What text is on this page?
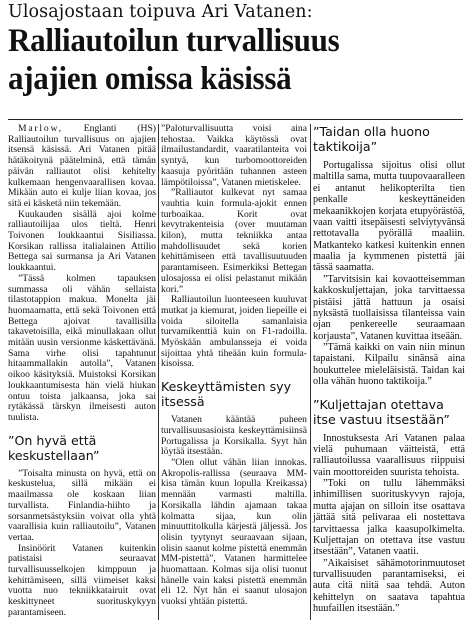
Ulosajostaan toipuva Ari Vatanen:
Ralliautoilun turvallisuus
ajajien omissa käsissä

Marlow, Englanti (HS) Ralliautoilun turvallisuus on ajajien itsensä käsissä. Ari Vatanen pitää hätäkoitynä päätelminä, että tämän päivän ralliautot olisi kehitelty kulkemaan hengenvaarallisen kovaa. Mikään auto ei kulje liian kovaa, jos sitä ei käsketä niin tekemään.

Kuukauden sisällä ajoi kolme ralliautoilijaa ulos tieltä. Henri Toivonen loukkaantui Sisiliassa. Korsikan rallissa italialainen Attilio Bettega sai surmansa ja Ari Vatanen loukkaantui.

”Tässä kolmen tapauksen summassa oli vähän sellaista tilastotappion makua. Monelta jäi huomaamatta, että sekä Toivonen että Bettega ajoivat tavallisilla takavetoisilla, eikä minullakaan ollut mitään uusin versionme käskettävänä. Sama virhe olisi tapahtunut hitaammallakin autolla”, Vatanen oikoo käsityksiä. Muistoksi Korsikan loukkaantumisesta hän vielä hiukan ontuu toista jalkaansa, joka sai rytäkässä tärskyn ilmeisesti auton tuulista.

”On hyvä että keskustellaan”

”Toisalta minusta on hyvä, että on keskustelua, sillä mikään ei maailmassa ole koskaan liian turvallista. Finlandia-hiihto ja sorsanmetsästyksiin voivat olla yhtä vaarallisia kuin ralliautoilu”, Vatanen vertaa.

Insinöörit Vatanen kuitenkin patistaisi seuraavat turvallisuusselkojen kimppuun ja kehittämiseen, sillä viimeiset kaksi vuotta nuo tekniikkatairuit ovat keskittyneet suorituskykyyn parantamiseen.

”Paloturvallisuutta voisi aina tehostaa. Vaikka käytössä ovat ilmailustandardit, vaaratilanteita voi syntyä, kun turbomoottoreiden kaasuja pyöritään tuhannen asteen lämpötiloissa”, Vatanen mietiskelee.

”Ralliautot kulkevat nyt samaa vauhtia kuin formula-ajokit ennen turboaikaa. Korit ovat kevytrakenteisia (over muutaman kilon), mutta tekniikka antaa mahdollisuudet sekä korien kehittämiseen että tavallisuutuuden parantamiseen. Esimerkiksi Bettegan ulosajossa ei olisi pelastanut mikään kori.”

Ralliautoilun luonteeseen kuuluvat mutkat ja kiemurat, joiden liepeille ei voida siloitella samanlaisia turvamikenttiä kuin on F1-radoilla. Myöskään ambulansseja ei voida sijoittaa yhtä tiheään kuin formula-kisoissa.

Keskeyttämisten syy itsessä

Vatanen kääntää puheen turvallisuusasioista keskeyttämisiinsä Portugalissa ja Korsikalla. Syyt hän löytää itsestään.

”Olen ollut vähän liian innokas. Akropolis-rallissa (seuraava MM-kisa tämän kuun lopulla Kreikassa) mennään varmasti maltilla. Korsikalla lähdin ajamaan takaa kolmatta sijaa, kun olin minuuttitolkulla kärjestä jäljessä. Jos olisin tyytynyt seuraavaan sijaan, olisin saanut kolme pistettä enemmän MM-pistettä”, Vatanen harmittelee huomattaan. Kolmas sija olisi tuonut hänelle vain kaksi pistettä enemmän eli 12. Nyt hän ei saanut ulosajon vuoksi yhtään pistettä.

”Taidan olla huono taktikoija”

Portugalissa sijoitus olisi ollut maltilla sama, mutta tuupovaaralleen ei antanut helikopterilta tien penkalle keskeyttäneiden mekaanikkojen korjata etupyörästöä, vaan vaitti itsepäisesti selviytyvänsä rettotavalla pyörällä maaliin. Matkanteko katkesi kuitenkin ennen maalia ja kymmenen pistettä jäi tässä saamatta.

”Tarvitsisin kai kovaotteisemman kakkoskuljettajan, joka tarvittaessa pistäisi jättä hattuun ja osaisi nyksästä tuollaisissa tilanteissa vain ojan penkereelle seuraamaan korjausta”, Vatanen kuvittaa itseään.

”Tämä kaikki on vain niin minun tapaistani. Kilpailu sinänsä aina houkuttelee mieleläisistä. Taidan kai olla vähän huono taktikoija.”

”Kuljettajan otettava itse vastuu itsestään”

Innostuksesta Ari Vatanen palaa vielä puhumaan väitteistä, että ralliautoilussa vaarallisuus riippuisi vain moottoreiden suurista tehoista.

”Toki on tullu lähemmäksi inhimillisen suorituskyvyn rajoja, mutta ajajan on silloin itse osattava jättää sitä pelivaraa eli nostettava tarvittaessa jalka kaasupolkimelta. Kuljettajan on otettava itse vastuu itsestään”, Vatanen vaatii.

”Aikaisiset sähämotorinmuutoset turvallisuuden parantamiseksi, ei auta citä niitä saa tehdä. Auton kehittelyn on saatava tapahtua huufaillen itsestään.”
